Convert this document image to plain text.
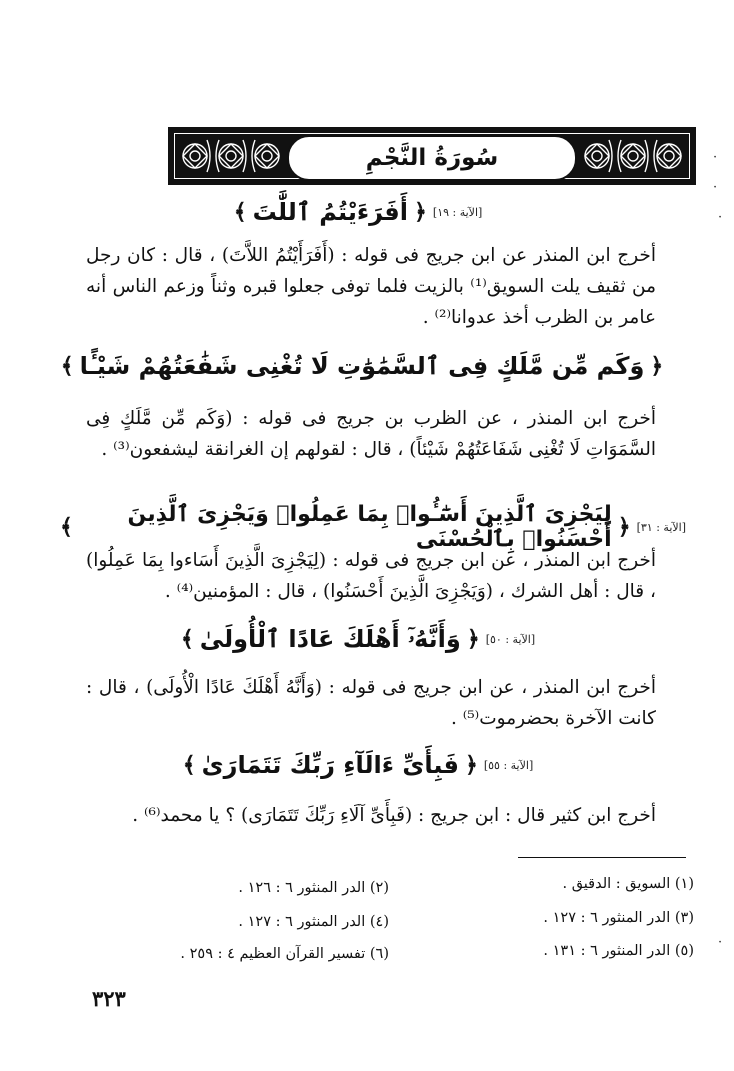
سُورَةُ النَّجْمِ
﴾ أَفَرَءَيْتُمُ ٱللَّٰتَ ﴿ [الآية : ١٩]

أخرج ابن المنذر عن ابن جريج فى قوله : (أَفَرَأَيْتُمُ اللاَّتَ) ، قال : كان رجل من ثقيف يلت السويق⁽¹⁾ بالزيت فلما توفى جعلوا قبره وثناً وزعم الناس أنه عامر بن الظرب أخذ عدوانا⁽²⁾ .

﴾ وَكَم مِّن مَّلَكٍ فِى ٱلسَّمَٰوَٰتِ لَا تُغْنِى شَفَٰعَتُهُمْ شَيْـًٔا ﴿

أخرج ابن المنذر ، عن الظرب بن جريج فى قوله : (وَكَم مِّن مَّلَكٍ فِى السَّمَوَاتِ لَا تُغْنِى شَفَاعَتُهُمْ شَيْئاً) ، قال : لقولهم إن الغرانقة ليشفعون⁽³⁾ .

﴾	لِيَجْزِىَ ٱلَّذِينَ أَسَٰٓـُٔوا۟ بِمَا عَمِلُوا۟ وَيَجْزِىَ ٱلَّذِينَ أَحْسَنُوا۟ بِٱلْحُسْنَى ﴿ [الآية : ٣١]

أخرج ابن المنذر ، عن ابن جريج فى قوله : (لِيَجْزِىَ الَّذِينَ أَسَاءوا بِمَا عَمِلُوا) ، قال : أهل الشرك ، (وَيَجْزِىَ الَّذِينَ أَحْسَنُوا) ، قال : المؤمنين⁽⁴⁾ .

﴾ وَأَنَّهُۥٓ أَهْلَكَ عَادًا ٱلْأُولَىٰ ﴿ [الآية : ٥٠]

أخرج ابن المنذر ، عن ابن جريج فى قوله : (وَأَنَّهُ أَهْلَكَ عَادًا الْأُولَى) ، قال : كانت الآخرة بحضرموت⁽⁵⁾ .

﴾ فَبِأَىِّ ءَالَآءِ رَبِّكَ تَتَمَارَىٰ ﴿ [الآية : ٥٥]

أخرج ابن كثير قال : ابن جريج : (فَبِأَىِّ آلَاءِ رَبِّكَ تَتَمَارَى) ؟ يا محمد⁽⁶⁾ .

(١) السويق : الدقيق .
(٢) الدر المنثور ٦ : ١٢٦ .
(٣) الدر المنثور ٦ : ١٢٧ .
(٤) الدر المنثور ٦ : ١٢٧ .
(٥) الدر المنثور ٦ : ١٣١ .
(٦) تفسير القرآن العظيم ٤ : ٢٥٩ .
٣٢٣
·
·
·
·
